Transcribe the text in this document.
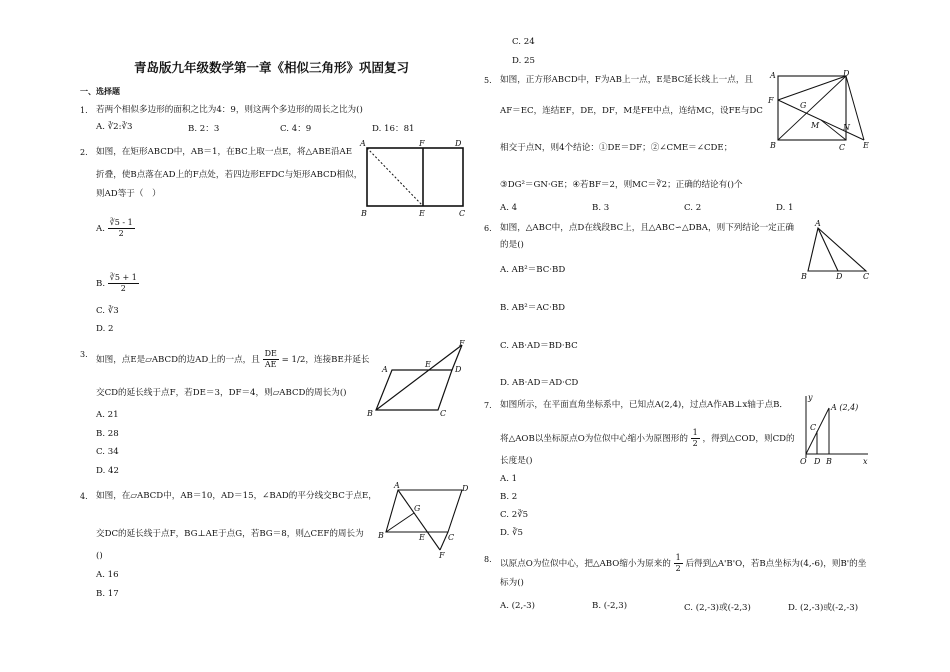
青岛版九年级数学第一章《相似三角形》巩固复习
一、选择题
1. 若两个相似多边形的面积之比为4：9，则这两个多边形的周长之比为()
A. ∛2:∛3	B. 2：3	C. 4：9	D. 16：81
2. 如图，在矩形ABCD中，AB＝1，在BC上取一点E，将△ABE沿AE
折叠，使B点落在AD上的F点处，若四边形EFDC与矩形ABCD相似，
则AD等于（　）
A. $\frac{∛5 - 1}{2}$
B. $\frac{∛5 + 1}{2}$
C. ∛3
D. 2
A	F	D
B	E	C
3.
如图，点E是▱ABCD的边AD上的一点，且 $\frac{DE}{AE} = 1/2$，连接BE并延长
交CD的延长线于点F，若DE＝3，DF＝4，则▱ABCD的周长为()
A. 21
B. 28
C. 34
D. 42
F
A
E
D
B	C
4. 如图，在▱ABCD中，AB＝10，AD＝15，∠BAD的平分线交BC于点E，
交DC的延长线于点F，BG⊥AE于点G，若BG＝8，则△CEF的周长为
()
A. 16
B. 17
C. 24
D. 25
A	D
G
B	E	C
F
5. 如图，正方形ABCD中，F为AB上一点，E是BC延长线上一点，且
AF＝EC，连结EF，DE，DF，M是FE中点，连结MC，设FE与DC
相交于点N，则4个结论：①DE＝DF；②∠CME＝∠CDE；
③DG²＝GN·GE；④若BF＝2，则MC＝∛2；正确的结论有()个
A. 4	B. 3	C. 2	D. 1
A	D
F
G
M	N
B	C E
6. 如图，△ABC中，点D在线段BC上，且△ABC∽△DBA，则下列结论一定正确
的是()
A. AB²＝BC·BD
B. AB²＝AC·BD
C. AB·AD＝BD·BC
D. AB·AD＝AD·CD
A
B	D	C
7. 如图所示，在平面直角坐标系中，已知点A(2,4)，过点A作AB⊥x轴于点B．
将△AOB以坐标原点O为位似中心缩小为原图形的 $\frac{1}{2}$ ，得到△COD，则CD的
长度是()
A. 1
B. 2
C. 2∛5
D. ∛5
y
A (2,4)
C
O D B	x
8. 以原点O为位似中心，把△ABO缩小为原来的 $\frac{1}{2}$ 后得到△A'B'O，若B点坐标为(4,-6)，则B'的坐
标为()
A. (2,-3)	B. (-2,3)	C. (2,-3)或(-2,3)	D. (2,-3)或(-2,-3)
